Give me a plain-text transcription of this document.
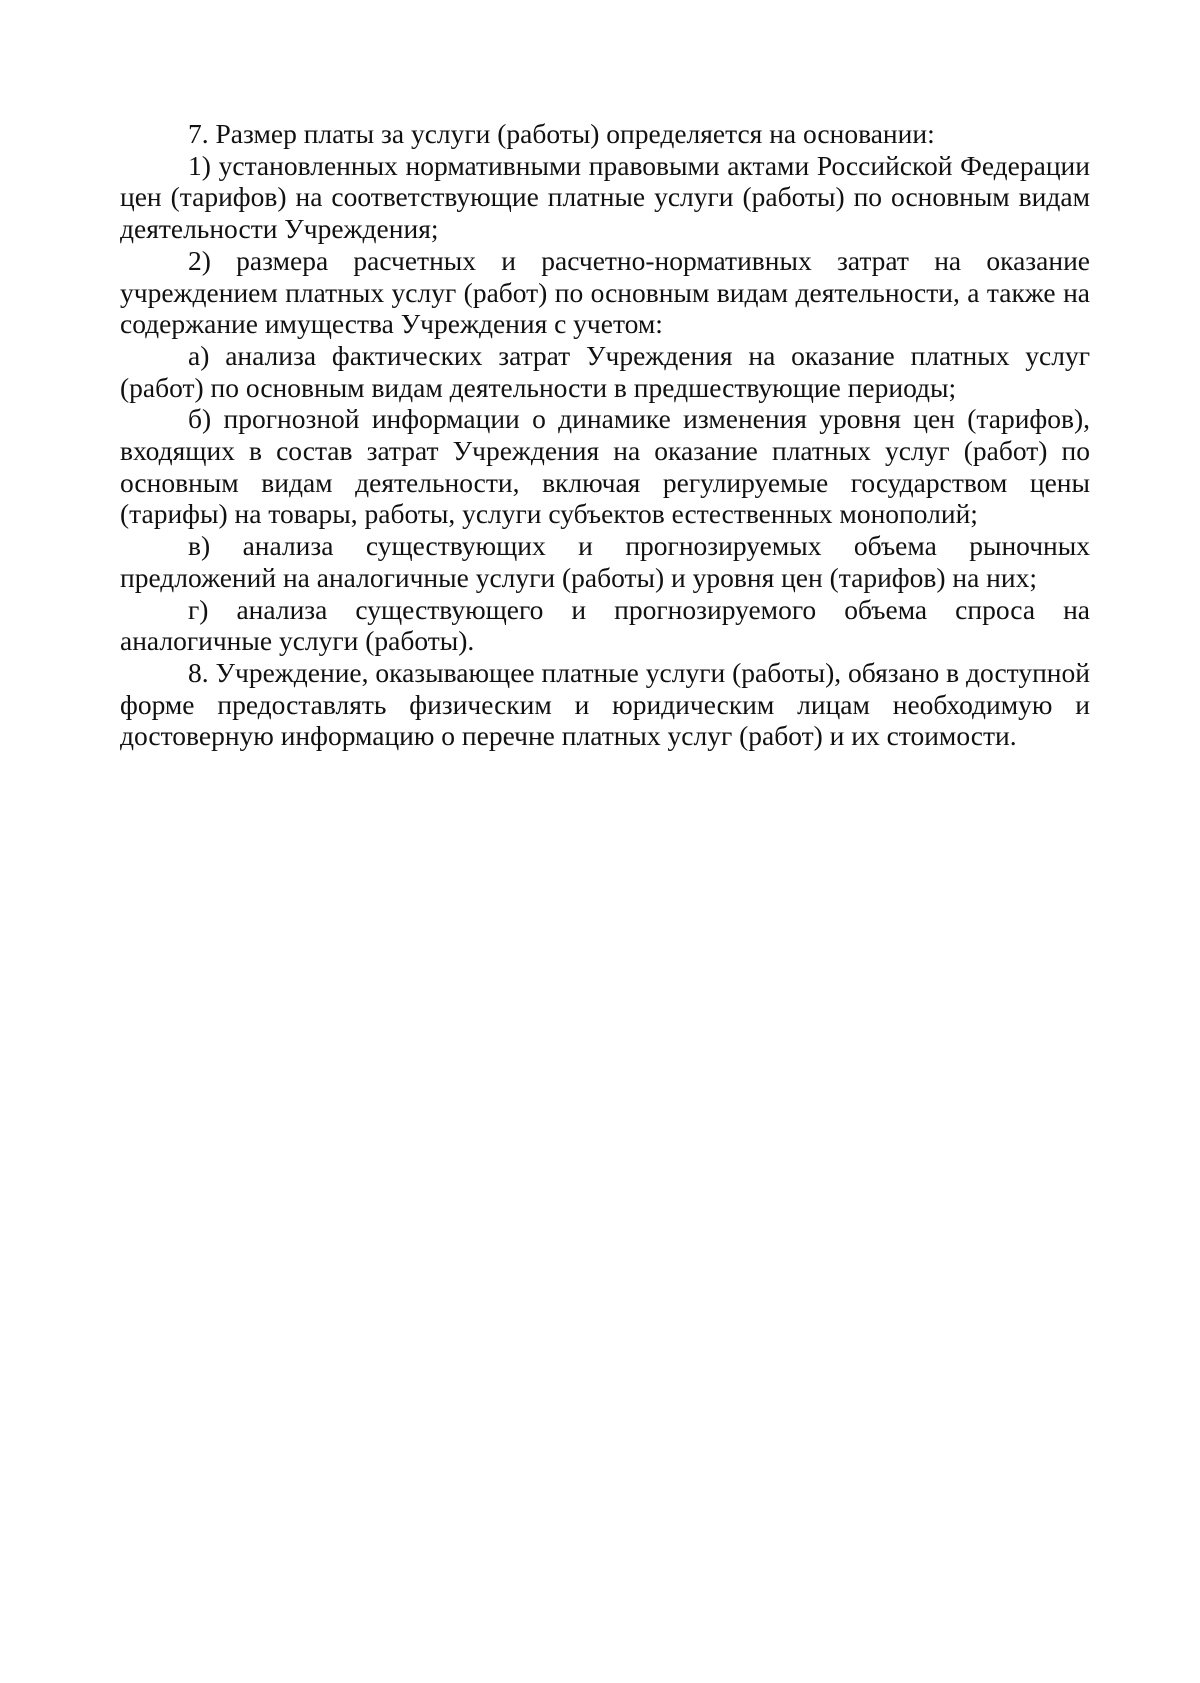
7. Размер платы за услуги (работы) определяется на основании:

1) установленных нормативными правовыми актами Российской Федерации цен (тарифов) на соответствующие платные услуги (работы) по основным видам деятельности Учреждения;

2) размера расчетных и расчетно-нормативных затрат на оказание учреждением платных услуг (работ) по основным видам деятельности, а также на содержание имущества Учреждения с учетом:

а) анализа фактических затрат Учреждения на оказание платных услуг (работ) по основным видам деятельности в предшествующие периоды;

б) прогнозной информации о динамике изменения уровня цен (тарифов), входящих в состав затрат Учреждения на оказание платных услуг (работ) по основным видам деятельности, включая регулируемые государством цены (тарифы) на товары, работы, услуги субъектов естественных монополий;

в) анализа существующих и прогнозируемых объема рыночных предложений на аналогичные услуги (работы) и уровня цен (тарифов) на них;

г) анализа существующего и прогнозируемого объема спроса на аналогичные услуги (работы).

8. Учреждение, оказывающее платные услуги (работы), обязано в доступной форме предоставлять физическим и юридическим лицам необходимую и достоверную информацию о перечне платных услуг (работ) и их стоимости.
